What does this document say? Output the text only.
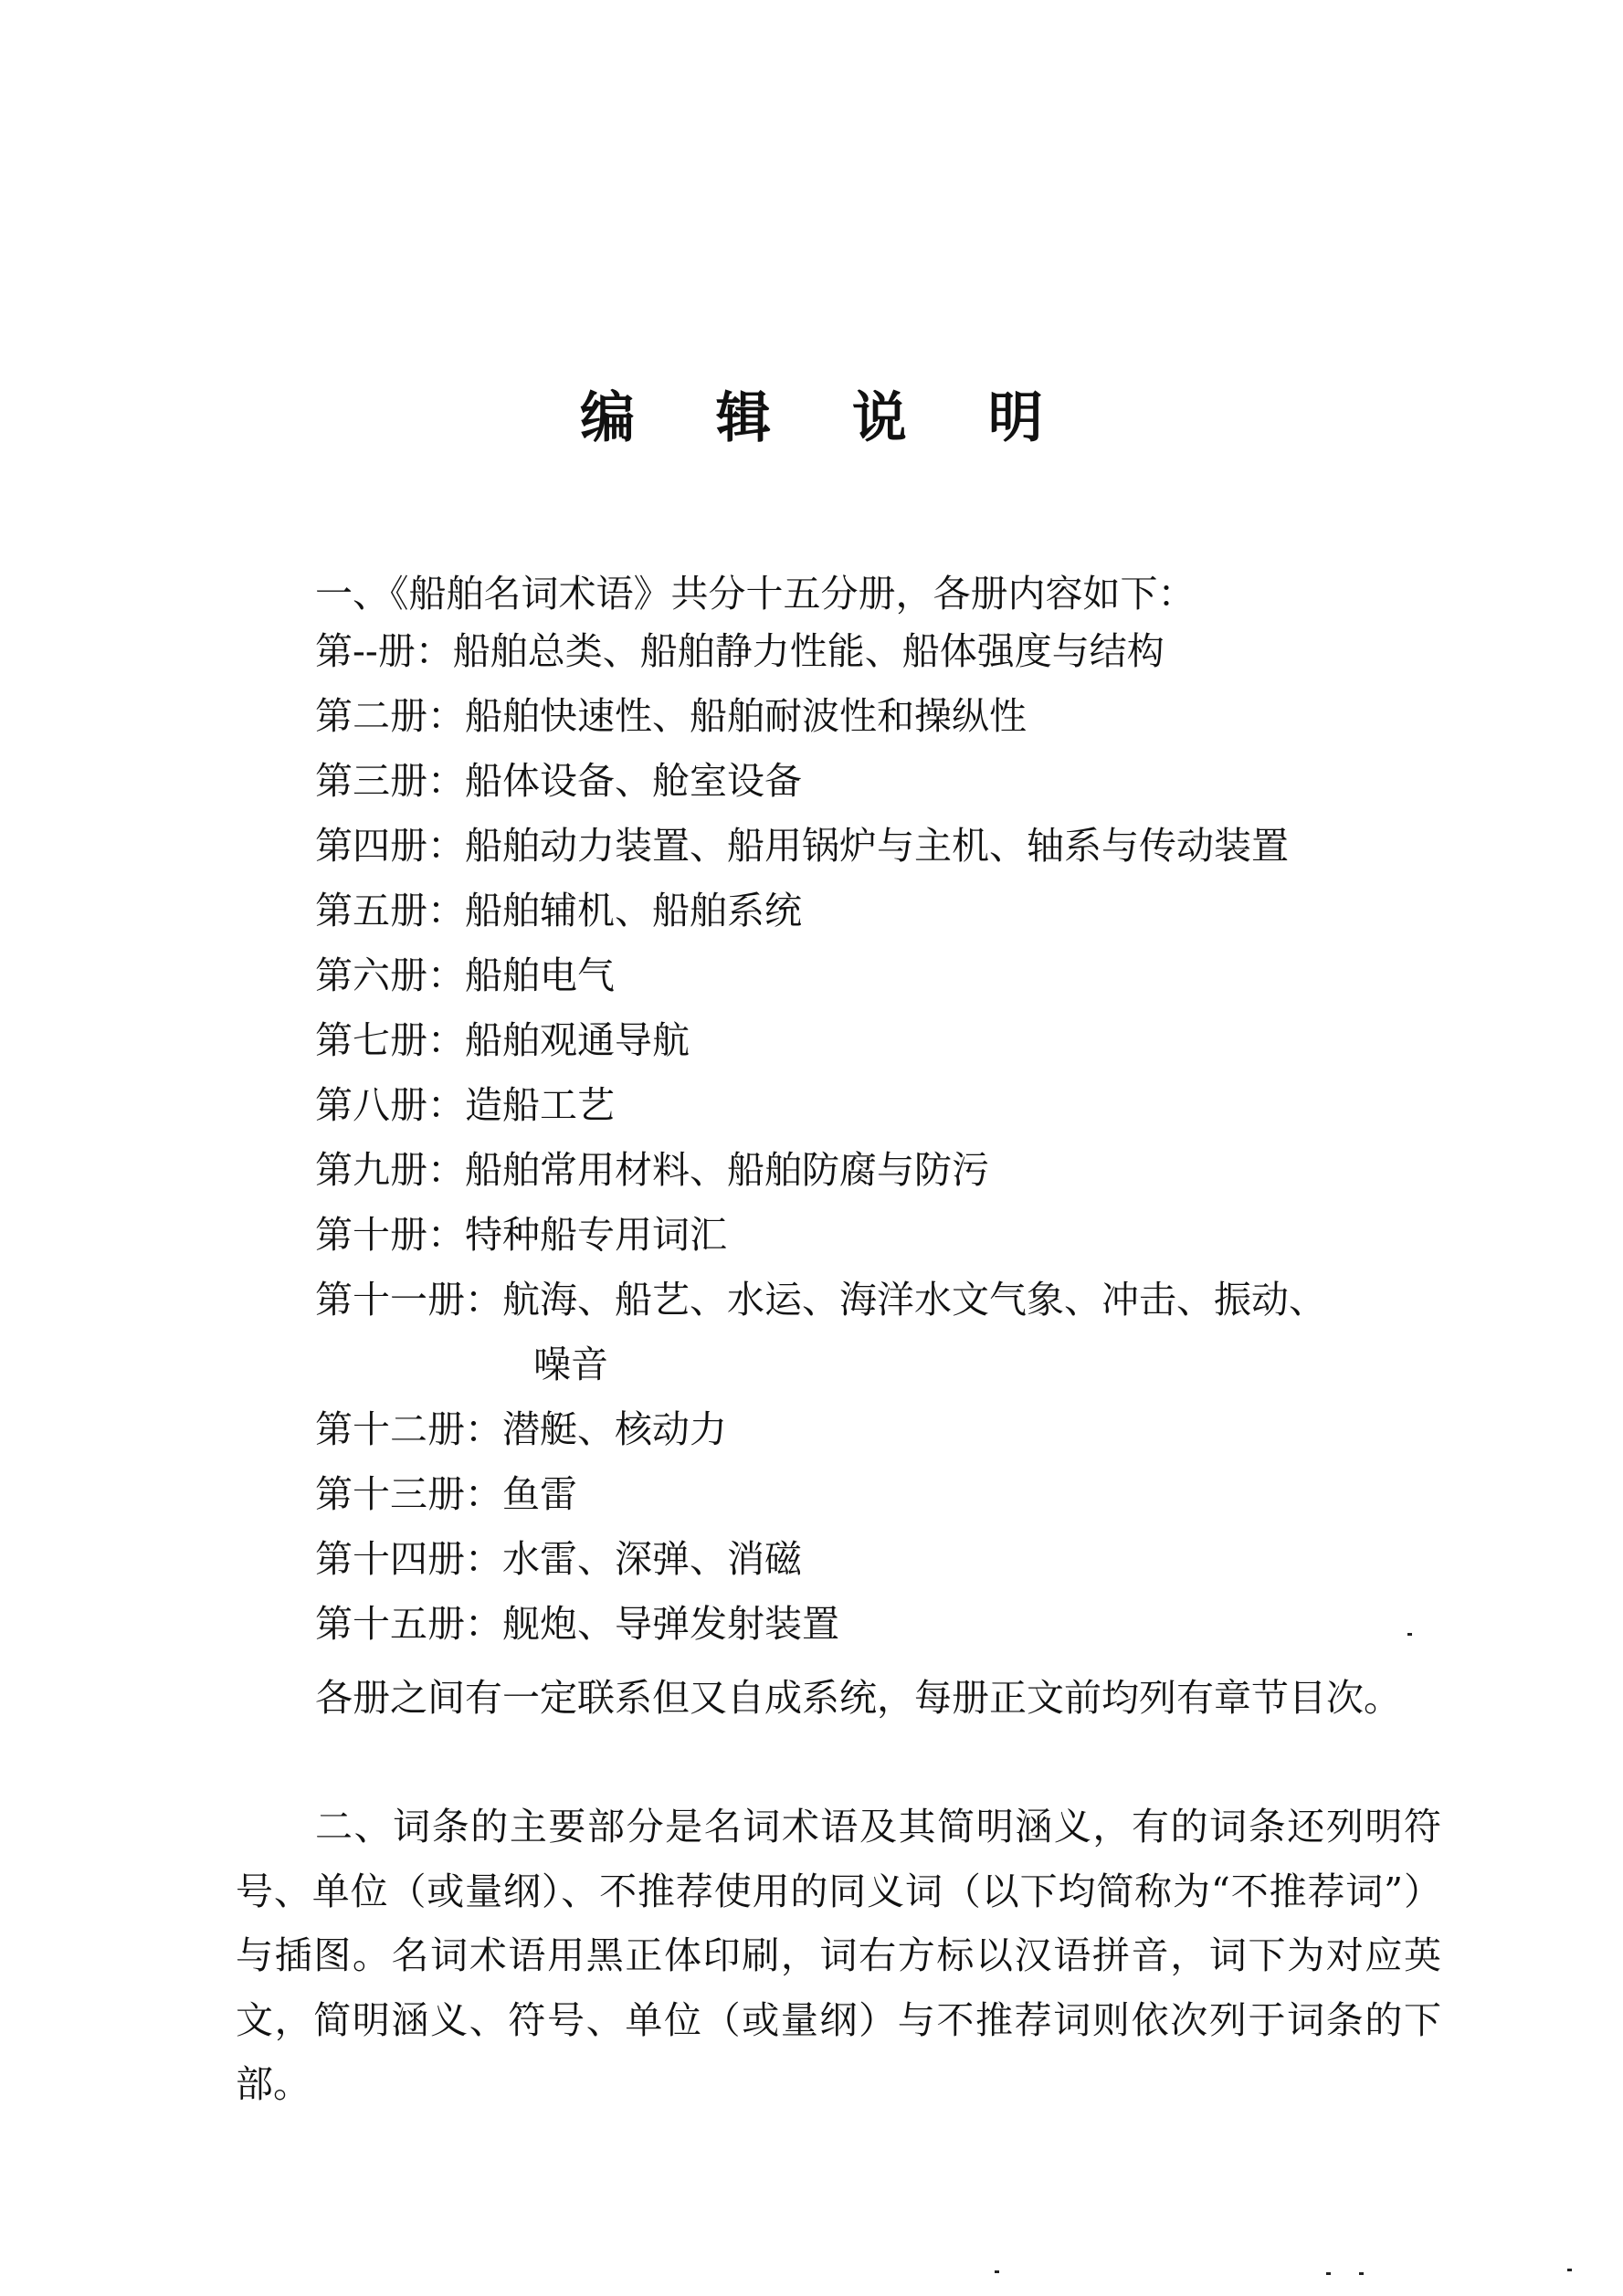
编 辑 说 明
一、《船舶名词术语》共分十五分册，各册内容如下：
第--册：船舶总类、船舶静力性能、船体强度与结构
第二册：船舶快速性、船舶耐波性和操纵性
第三册：船体设备、舱室设备
第四册：船舶动力装置、船用锅炉与主机、轴系与传动装置
第五册：船舶辅机、船舶系统
第六册：船舶电气
第七册：船舶观通导航
第八册：造船工艺
第九册：船舶常用材料、船舶防腐与防污
第十册：特种船专用词汇
第十一册：航海、船艺、水运、海洋水文气象、冲击、振动、
噪音
第十二册：潜艇、核动力
第十三册：鱼雷
第十四册：水雷、深弹、消磁
第十五册：舰炮、导弹发射装置
各册之间有一定联系但又自成系统，每册正文前均列有章节目次。
二、词条的主要部分是名词术语及其简明涵义，有的词条还列明符号、单位（或量纲）、不推荐使用的同义词（以下均简称为“不推荐词”）与插图。名词术语用黑正体印刷，词右方标以汉语拼音，词下为对应英文，简明涵义、符号、单位（或量纲）与不推荐词则依次列于词条的下部。
